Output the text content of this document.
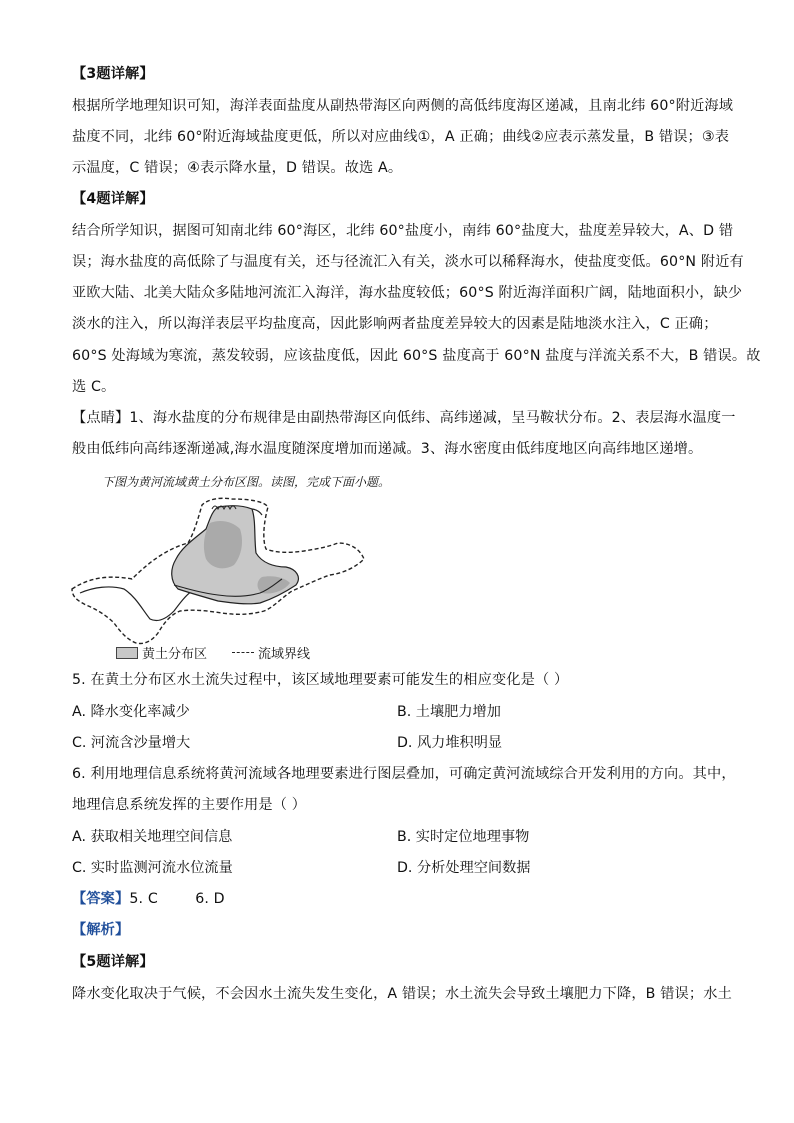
【3题详解】
根据所学地理知识可知，海洋表面盐度从副热带海区向两侧的高低纬度海区递减，且南北纬 60°附近海域
盐度不同，北纬 60°附近海域盐度更低，所以对应曲线①，A 正确；曲线②应表示蒸发量，B 错误；③表
示温度，C 错误；④表示降水量，D 错误。故选 A。
【4题详解】
结合所学知识，据图可知南北纬 60°海区，北纬 60°盐度小，南纬 60°盐度大，盐度差异较大，A、D 错
误；海水盐度的高低除了与温度有关，还与径流汇入有关，淡水可以稀释海水，使盐度变低。60°N 附近有
亚欧大陆、北美大陆众多陆地河流汇入海洋，海水盐度较低；60°S 附近海洋面积广阔，陆地面积小，缺少
淡水的注入，所以海洋表层平均盐度高，因此影响两者盐度差异较大的因素是陆地淡水注入，C 正确；
60°S 处海域为寒流，蒸发较弱，应该盐度低，因此 60°S 盐度高于 60°N 盐度与洋流关系不大，B 错误。故
选 C。
【点睛】1、海水盐度的分布规律是由副热带海区向低纬、高纬递减，呈马鞍状分布。2、表层海水温度一
般由低纬向高纬逐渐递减,海水温度随深度增加而递减。3、海水密度由低纬度地区向高纬地区递增。
下图为黄河流域黄土分布区图。读图，完成下面小题。
黄土分布区	流域界线
5. 在黄土分布区水土流失过程中，该区域地理要素可能发生的相应变化是（ ）
A. 降水变化率减少	B. 土壤肥力增加
C. 河流含沙量增大	D. 风力堆积明显
6. 利用地理信息系统将黄河流域各地理要素进行图层叠加，可确定黄河流域综合开发利用的方向。其中，
地理信息系统发挥的主要作用是（ ）
A. 获取相关地理空间信息	B. 实时定位地理事物
C. 实时监测河流水位流量	D. 分析处理空间数据
【答案】5. C        6. D
【解析】
【5题详解】
降水变化取决于气候，不会因水土流失发生变化，A 错误；水土流失会导致土壤肥力下降，B 错误；水土
